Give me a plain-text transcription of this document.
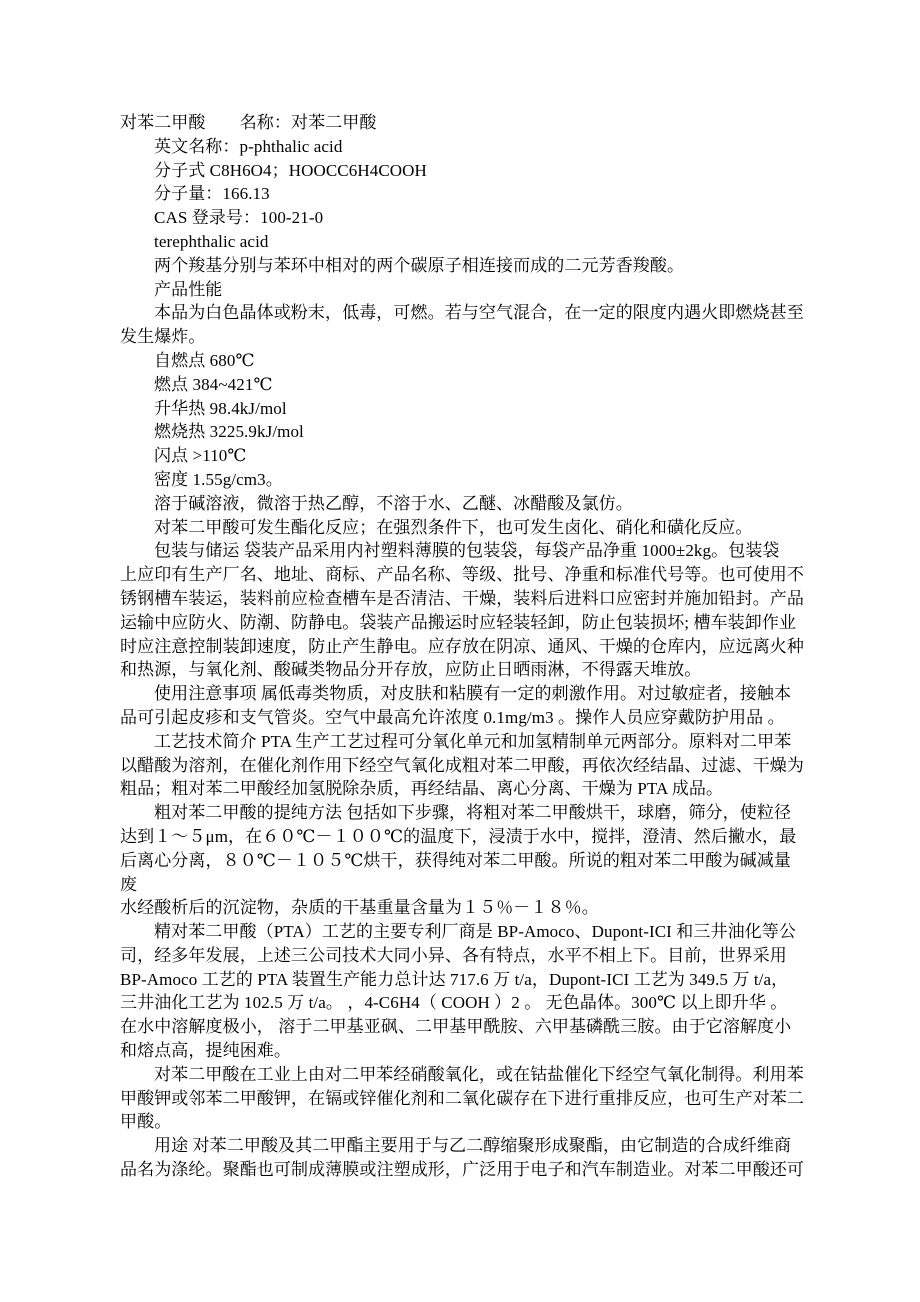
对苯二甲酸　　名称：对苯二甲酸
英文名称：p-phthalic acid
分子式 C8H6O4；HOOCC6H4COOH
分子量：166.13
CAS 登录号：100-21-0
terephthalic acid
两个羧基分别与苯环中相对的两个碳原子相连接而成的二元芳香羧酸。
产品性能
本品为白色晶体或粉末，低毒，可燃。若与空气混合，在一定的限度内遇火即燃烧甚至
发生爆炸。
自燃点 680℃
燃点 384~421℃
升华热 98.4kJ/mol
燃烧热 3225.9kJ/mol
闪点 >110℃
密度 1.55g/cm3。
溶于碱溶液，微溶于热乙醇，不溶于水、乙醚、冰醋酸及氯仿。
对苯二甲酸可发生酯化反应；在强烈条件下，也可发生卤化、硝化和磺化反应。
包装与储运 袋装产品采用内衬塑料薄膜的包装袋，每袋产品净重 1000±2kg。包装袋
上应印有生产厂名、地址、商标、产品名称、等级、批号、净重和标准代号等。也可使用不
锈钢槽车装运，装料前应检查槽车是否清洁、干燥，装料后进料口应密封并施加铅封。产品
运输中应防火、防潮、防静电。袋装产品搬运时应轻装轻卸，防止包装损坏; 槽车装卸作业
时应注意控制装卸速度，防止产生静电。应存放在阴凉、通风、干燥的仓库内，应远离火种
和热源，与氧化剂、酸碱类物品分开存放，应防止日晒雨淋，不得露天堆放。
使用注意事项 属低毒类物质，对皮肤和粘膜有一定的刺激作用。对过敏症者，接触本
品可引起皮疹和支气管炎。空气中最高允许浓度 0.1mg/m3 。操作人员应穿戴防护用品 。
工艺技术简介 PTA 生产工艺过程可分氧化单元和加氢精制单元两部分。原料对二甲苯
以醋酸为溶剂，在催化剂作用下经空气氧化成粗对苯二甲酸，再依次经结晶、过滤、干燥为
粗品；粗对苯二甲酸经加氢脱除杂质，再经结晶、离心分离、干燥为 PTA 成品。
粗对苯二甲酸的提纯方法 包括如下步骤，将粗对苯二甲酸烘干，球磨，筛分，使粒径
达到１～５μm，在６０℃－１００℃的温度下，浸渍于水中，搅拌，澄清、然后撇水，最
后离心分离，８０℃－１０５℃烘干，获得纯对苯二甲酸。所说的粗对苯二甲酸为碱减量废
水经酸析后的沉淀物，杂质的干基重量含量为１５％－１８％。
精对苯二甲酸（PTA）工艺的主要专利厂商是 BP-Amoco、Dupont-ICI 和三井油化等公
司，经多年发展，上述三公司技术大同小异、各有特点，水平不相上下。目前，世界采用
BP-Amoco 工艺的 PTA 装置生产能力总计达 717.6 万 t/a，Dupont-ICI 工艺为 349.5 万 t/a，
三井油化工艺为 102.5 万 t/a。 ，4-C6H4（ COOH ）2 。 无色晶体。300℃ 以上即升华 。
在水中溶解度极小， 溶于二甲基亚砜、二甲基甲酰胺、六甲基磷酰三胺。由于它溶解度小
和熔点高，提纯困难。
对苯二甲酸在工业上由对二甲苯经硝酸氧化，或在钴盐催化下经空气氧化制得。利用苯
甲酸钾或邻苯二甲酸钾，在镉或锌催化剂和二氧化碳存在下进行重排反应，也可生产对苯二
甲酸。
用途 对苯二甲酸及其二甲酯主要用于与乙二醇缩聚形成聚酯，由它制造的合成纤维商
品名为涤纶。聚酯也可制成薄膜或注塑成形，广泛用于电子和汽车制造业。对苯二甲酸还可
